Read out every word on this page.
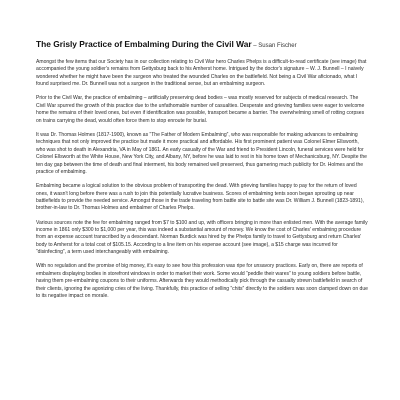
The Grisly Practice of Embalming During the Civil War – Susan Fischer

Amongst the few items that our Society has in our collection relating to Civil War hero Charles Phelps is a difficult-to-read certificate (see image) that accompanied the young soldier's remains from Gettysburg back to his Amherst home. Intrigued by the doctor's signature – W. J. Bunnell – I naively wondered whether he might have been the surgeon who treated the wounded Charles on the battlefield. Not being a Civil War aficionado, what I found surprised me. Dr. Bunnell was not a surgeon in the traditional sense, but an embalming surgeon.

Prior to the Civil War, the practice of embalming – artificially preserving dead bodies – was mostly reserved for subjects of medical research. The Civil War spurred the growth of this practice due to the unfathomable number of casualties. Desperate and grieving families were eager to welcome home the remains of their loved ones, but even if identification was possible, transport became a barrier. The overwhelming smell of rotting corpses on trains carrying the dead, would often force them to stop enroute for burial.

It was Dr. Thomas Holmes (1817-1900), known as “The Father of Modern Embalming”, who was responsible for making advances to embalming techniques that not only improved the practice but made it more practical and affordable. His first prominent patient was Colonel Elmer Ellsworth, who was shot to death in Alexandria, VA in May of 1861. An early casualty of the War and friend to President Lincoln, funeral services were held for Colonel Ellsworth at the White House, New York City, and Albany, NY, before he was laid to rest in his home town of Mechanicsburg, NY. Despite the ten day gap between the time of death and final interment, his body remained well preserved, thus garnering much publicity for Dr. Holmes and the practice of embalming.

Embalming became a logical solution to the obvious problem of transporting the dead. With grieving families happy to pay for the return of loved ones, it wasn't long before there was a rush to join this potentially lucrative business. Scores of embalming tents soon began sprouting up near battlefields to provide the needed service. Amongst those in the trade traveling from battle site to battle site was Dr. William J. Bunnell (1823-1891), brother-in-law to Dr. Thomas Holmes and embalmer of Charles Phelps.

Various sources note the fee for embalming ranged from $7 to $100 and up, with officers bringing in more than enlisted men. With the average family income in 1861 only $300 to $1,000 per year, this was indeed a substantial amount of money. We know the cost of Charles' embalming procedure from an expense account transcribed by a descendant. Norman Burdick was hired by the Phelps family to travel to Gettysburg and return Charles' body to Amherst for a total cost of $105.15. According to a line item on his expense account (see image), a $15 charge was incurred for “disinfecting”, a term used interchangeably with embalming.

With no regulation and the promise of big money, it's easy to see how this profession was ripe for unsavory practices. Early on, there are reports of embalmers displaying bodies in storefront windows in order to market their work. Some would “peddle their wares” to young soldiers before battle, having them pre-embalming coupons to their uniforms. Afterwards they would methodically pick through the casualty strewn battlefield in search of their clients, ignoring the agonizing cries of the living. Thankfully, this practice of selling “chits” directly to the soldiers was soon clamped down on due to its negative impact on morale.
